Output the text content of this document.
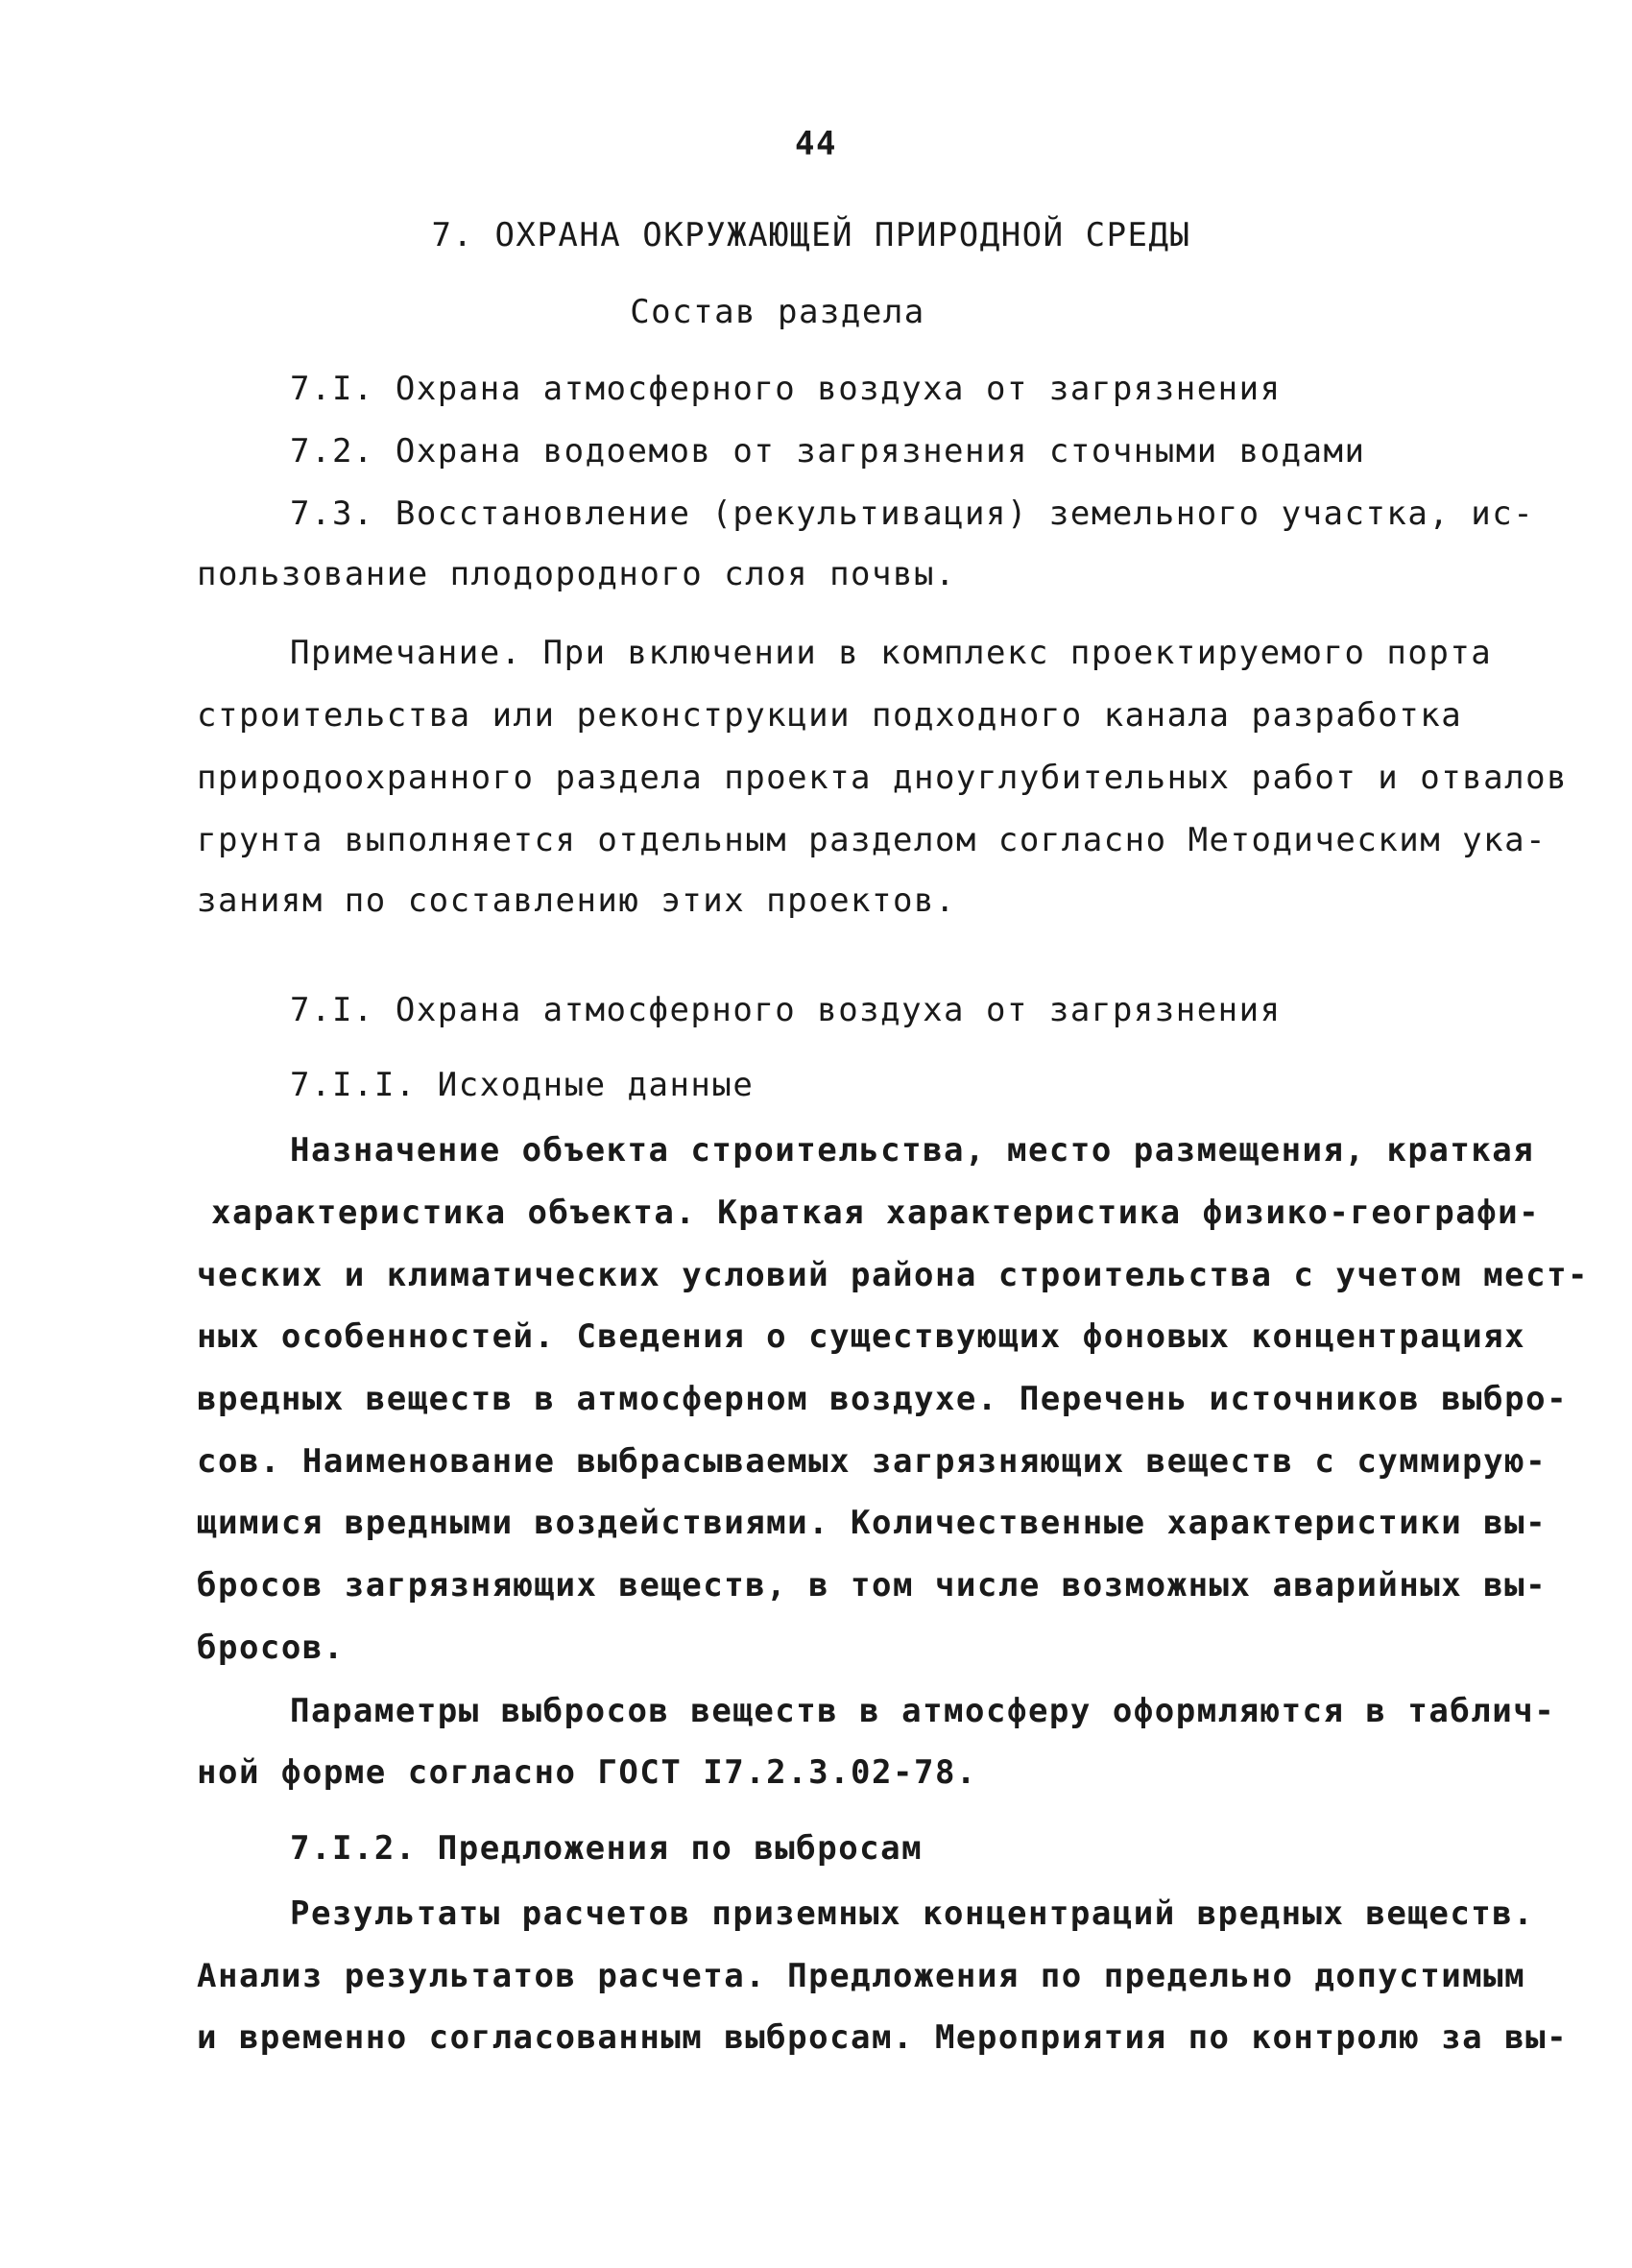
44
7. ОХРАНА ОКРУЖАЮЩЕЙ ПРИРОДНОЙ СРЕДЫ
Состав раздела
7.I. Охрана атмосферного воздуха от загрязнения
7.2. Охрана водоемов от загрязнения сточными водами
7.3. Восстановление (рекультивация) земельного участка, ис-
пользование плодородного слоя почвы.
Примечание. При включении в комплекс проектируемого порта
строительства или реконструкции подходного канала разработка
природоохранного раздела проекта дноуглубительных работ и отвалов
грунта выполняется отдельным разделом согласно Методическим ука-
заниям по составлению этих проектов.
7.I. Охрана атмосферного воздуха от загрязнения
7.I.I. Исходные данные
Назначение объекта строительства, место размещения, краткая
характеристика объекта. Краткая характеристика физико-географи-
ческих и климатических условий района строительства с учетом мест-
ных особенностей. Сведения о существующих фоновых концентрациях
вредных веществ в атмосферном воздухе. Перечень источников выбро-
сов. Наименование выбрасываемых загрязняющих веществ с суммирую-
щимися вредными воздействиями. Количественные характеристики вы-
бросов загрязняющих веществ, в том числе возможных аварийных вы-
бросов.
Параметры выбросов веществ в атмосферу оформляются в таблич-
ной форме согласно ГОСТ I7.2.3.02-78.
7.I.2. Предложения по выбросам
Результаты расчетов приземных концентраций вредных веществ.
Анализ результатов расчета. Предложения по предельно допустимым
и временно согласованным выбросам. Мероприятия по контролю за вы-
